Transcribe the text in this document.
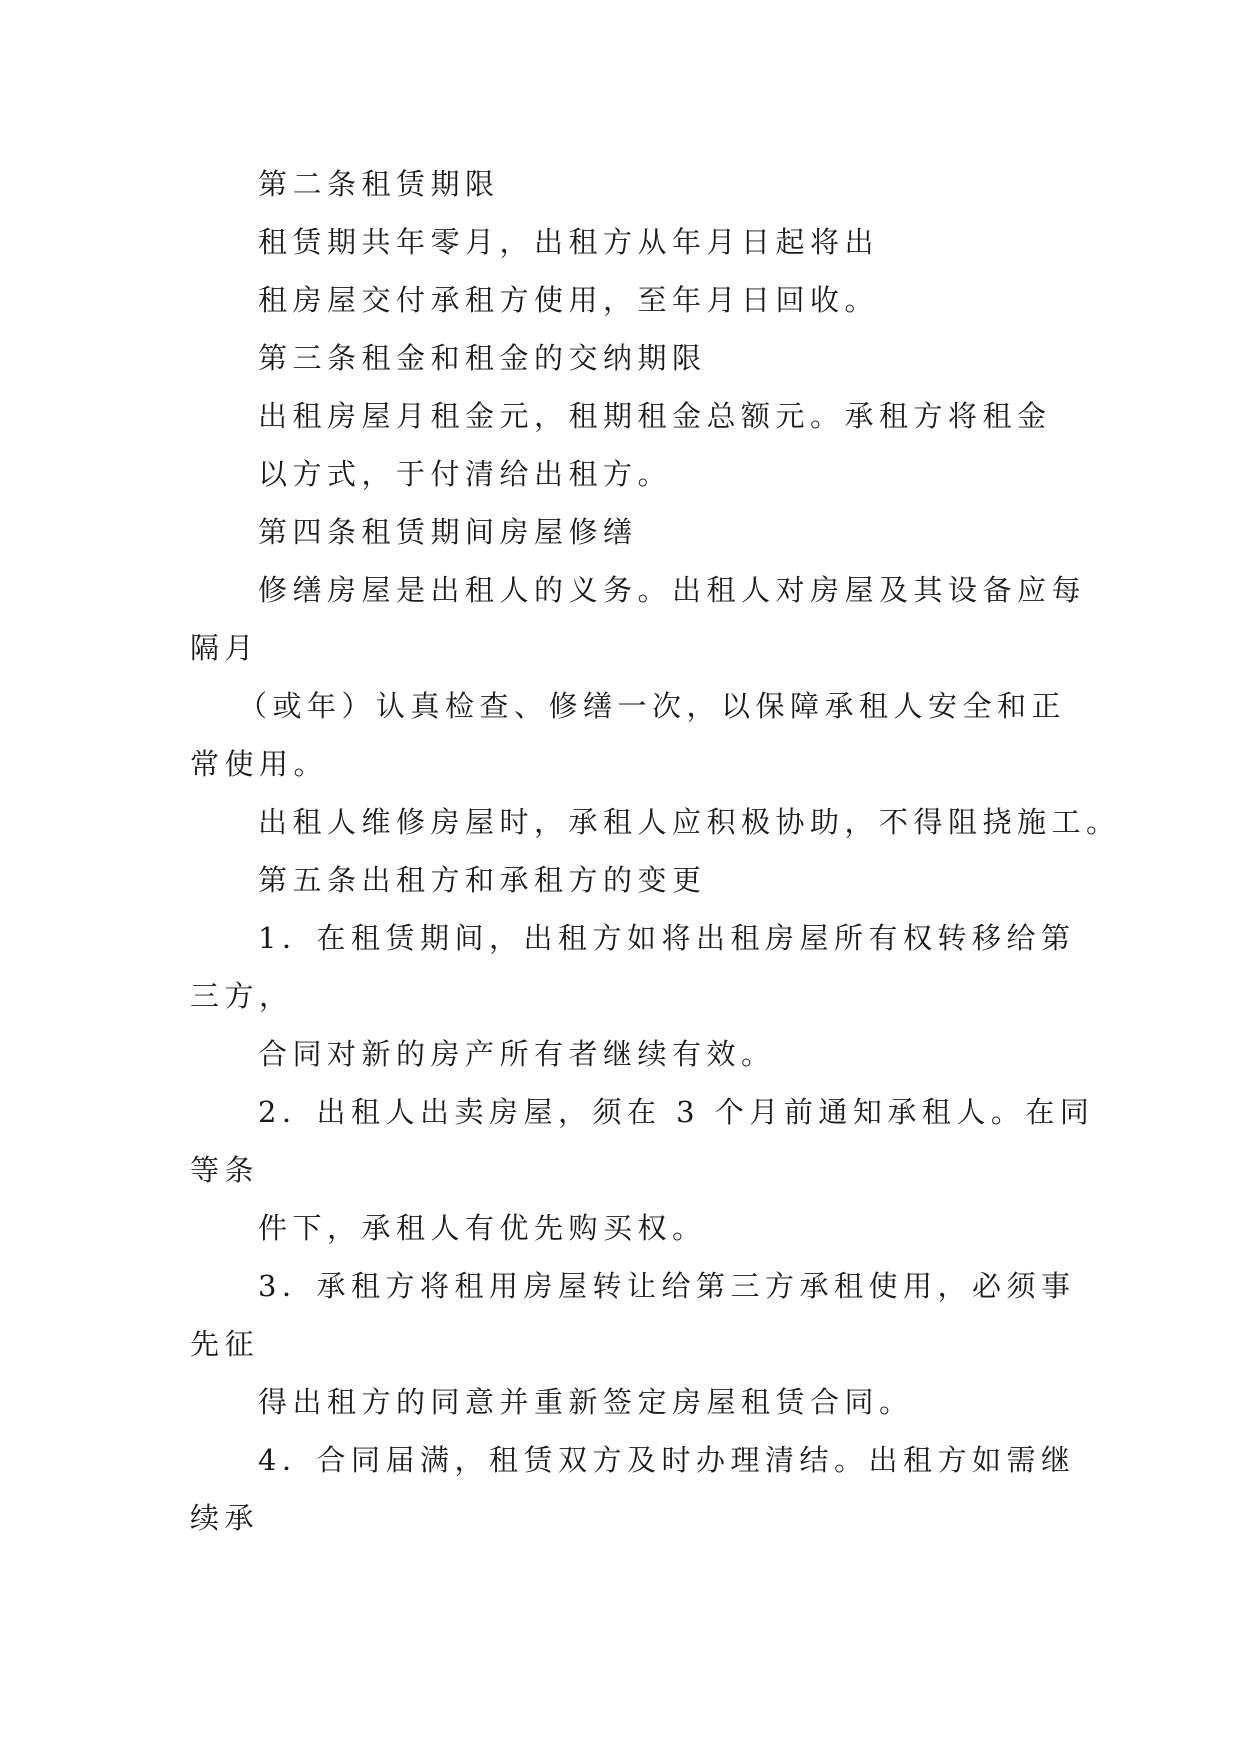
第二条租赁期限
租赁期共年零月，出租方从年月日起将出
租房屋交付承租方使用，至年月日回收。
第三条租金和租金的交纳期限
出租房屋月租金元，租期租金总额元。承租方将租金
以方式，于付清给出租方。
第四条租赁期间房屋修缮
修缮房屋是出租人的义务。出租人对房屋及其设备应每
隔月
（或年）认真检查、修缮一次，以保障承租人安全和正
常使用。
出租人维修房屋时，承租人应积极协助，不得阻挠施工。
第五条出租方和承租方的变更
1．在租赁期间，出租方如将出租房屋所有权转移给第
三方，
合同对新的房产所有者继续有效。
2．出租人出卖房屋，须在 3 个月前通知承租人。在同
等条
件下，承租人有优先购买权。
3．承租方将租用房屋转让给第三方承租使用，必须事
先征
得出租方的同意并重新签定房屋租赁合同。
4．合同届满，租赁双方及时办理清结。出租方如需继
续承
